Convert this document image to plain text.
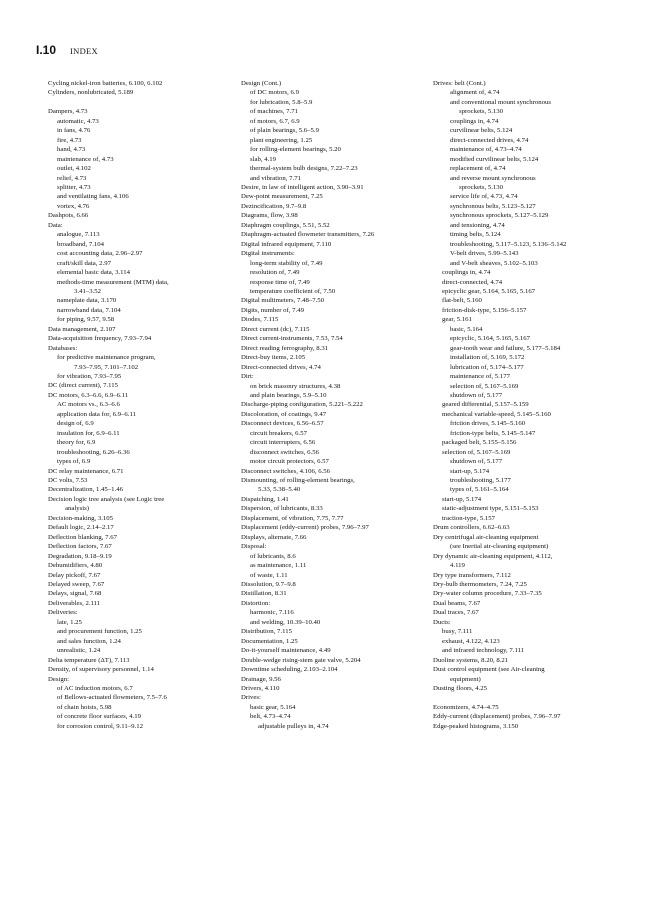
I.10 INDEX
Cycling nickel-iron batteries, 6.100, 6.102
Cylinders, nonlubricated, 5.189
Dampers, 4.73
automatic, 4.73
in fans, 4.76
fire, 4.73
hand, 4.73
maintenance of, 4.73
outlet, 4.102
relief, 4.73
splitter, 4.73
and ventilating fans, 4.106
vortex, 4.76
Dashpots, 6.66
Data:
analogue, 7.113
broadband, 7.104
cost accounting data, 2.96–2.97
craft/skill data, 2.97
elemental basic data, 3.114
methods-time measurement (MTM) data,
3.41–3.52
nameplate data, 3.170
narrowband data, 7.104
for piping, 9.57, 9.58
Data management, 2.107
Data-acquisition frequency, 7.93–7.94
Databases:
for predictive maintenance program,
7.93–7.95, 7.101–7.102
for vibration, 7.93–7.95
DC (direct current), 7.115
DC motors, 6.3–6.6, 6.9–6.11
AC motors vs., 6.3–6.6
application data for, 6.9–6.11
design of, 6.9
insulation for, 6.9–6.11
theory for, 6.9
troubleshooting, 6.26–6.36
types of, 6.9
DC relay maintenance, 6.71
DC volts, 7.53
Decentralization, 1.45–1.46
Decision logic tree analysis (see Logic tree
analysis)
Decision-making, 3.105
Default logic, 2.14–2.17
Deflection blanking, 7.67
Deflection factors, 7.67
Degradation, 9.18–9.19
Dehumidifiers, 4.80
Delay pickoff, 7.67
Delayed sweep, 7.67
Delays, signal, 7.68
Deliverables, 2.111
Deliveries:
late, 1.25
and procurement function, 1.25
and sales function, 1.24
unrealistic, 1.24
Delta temperature (ΔT), 7.113
Density, of supervisory personnel, 1.14
Design:
of AC induction motors, 6.7
of Bellows-actuated flowmeters, 7.5–7.6
of chain hoists, 5.98
of concrete floor surfaces, 4.19
for corrosion control, 9.11–9.12
Design (Cont.)
of DC motors, 6.9
for lubrication, 5.8–5.9
of machines, 7.71
of motors, 6.7, 6.9
of plain bearings, 5.6–5.9
plant engineering, 1.25
for rolling-element bearings, 5.20
slab, 4.19
thermal-system bulb designs, 7.22–7.23
and vibration, 7.71
Desire, in law of intelligent action, 3.90–3.91
Dew-point measurement, 7.25
Dezincification, 9.7–9.8
Diagrams, flow, 3.98
Diaphragm couplings, 5.51, 5.52
Diaphragm-actuated flowmeter transmitters, 7.26
Digital infrared equipment, 7.110
Digital instruments:
long-term stability of, 7.49
resolution of, 7.49
response time of, 7.49
temperature coefficient of, 7.50
Digital multimeters, 7.48–7.50
Digits, number of, 7.49
Diodes, 7.115
Direct current (dc), 7.115
Direct current-instruments, 7.53, 7.54
Direct reading ferrography, 8.31
Direct-buy items, 2.105
Direct-connected drives, 4.74
Dirt:
on brick masonry structures, 4.38
and plain bearings, 5.9–5.10
Discharge-piping configuration, 5.221–5.222
Discoloration, of coatings, 9.47
Disconnect devices, 6.56–6.57
circuit breakers, 6.57
circuit interrupters, 6.56
disconnect switches, 6.56
motor circuit protectors, 6.57
Disconnect switches, 4.106, 6.56
Dismounting, of rolling-element bearings,
5.33, 5.38–5.40
Dispatching, 1.41
Dispersion, of lubricants, 8.33
Displacement, of vibration, 7.75, 7.77
Displacement (eddy-current) probes, 7.96–7.97
Displays, alternate, 7.66
Disposal:
of lubricants, 8.6
as maintenance, 1.11
of waste, 1.11
Dissolution, 9.7–9.8
Distillation, 8.31
Distortion:
harmonic, 7.116
and welding, 10.39–10.40
Distribution, 7.115
Documentation, 1.25
Do-it-yourself maintenance, 4.49
Double-wedge rising-stem gate valve, 5.204
Downtime scheduling, 2.103–2.104
Drainage, 9.56
Drivers, 4.110
Drives:
basic gear, 5.164
belt, 4.73–4.74
adjustable pulleys in, 4.74
Drives: belt (Cont.)
alignment of, 4.74
and conventional mount synchronous
sprockets, 5.130
couplings in, 4.74
curvilinear belts, 5.124
direct-connected drives, 4.74
maintenance of, 4.73–4.74
modified curvilinear belts, 5.124
replacement of, 4.74
and reverse mount synchronous
sprockets, 5.130
service life of, 4.73, 4.74
synchronous belts, 5.123–5.127
synchronous sprockets, 5.127–5.129
and tensioning, 4.74
timing belts, 5.124
troubleshooting, 5.117–5.123, 5.136–5.142
V-belt drives, 5.99–5.143
and V-belt sheaves, 5.102–5.103
couplings in, 4.74
direct-connected, 4.74
epicyclic gear, 5.164, 5.165, 5.167
flat-belt, 5.160
friction-disk-type, 5.156–5.157
gear, 5.161
basic, 5.164
epicyclic, 5.164, 5.165, 5.167
gear-tooth wear and failure, 5.177–5.184
installation of, 5.169, 5.172
lubrication of, 5.174–5.177
maintenance of, 5.177
selection of, 5.167–5.169
shutdown of, 5.177
geared differential, 5.157–5.159
mechanical variable-speed, 5.145–5.160
friction drives, 5.145–5.160
friction-type belts, 5.145–5.147
packaged belt, 5.155–5.156
selection of, 5.167–5.169
shutdown of, 5.177
start-up, 5.174
troubleshooting, 5.177
types of, 5.161–5.164
start-up, 5.174
static-adjustment type, 5.151–5.153
traction-type, 5.157
Drum controllers, 6.62–6.63
Dry centrifugal air-cleaning equipment
(see Inertial air-cleaning equipment)
Dry dynamic air-cleaning equipment, 4.112,
4.119
Dry type transformers, 7.112
Dry-bulb thermometers, 7.24, 7.25
Dry-water column procedure, 7.33–7.35
Dual beams, 7.67
Dual traces, 7.67
Ducts:
busy, 7.111
exhaust, 4.122, 4.123
and infrared technology, 7.111
Duoline systems, 8.20, 8.21
Dust control equipment (see Air-cleaning
equipment)
Dusting floors, 4.25
Economizers, 4.74–4.75
Eddy-current (displacement) probes, 7.96–7.97
Edge-peaked histograms, 3.150
